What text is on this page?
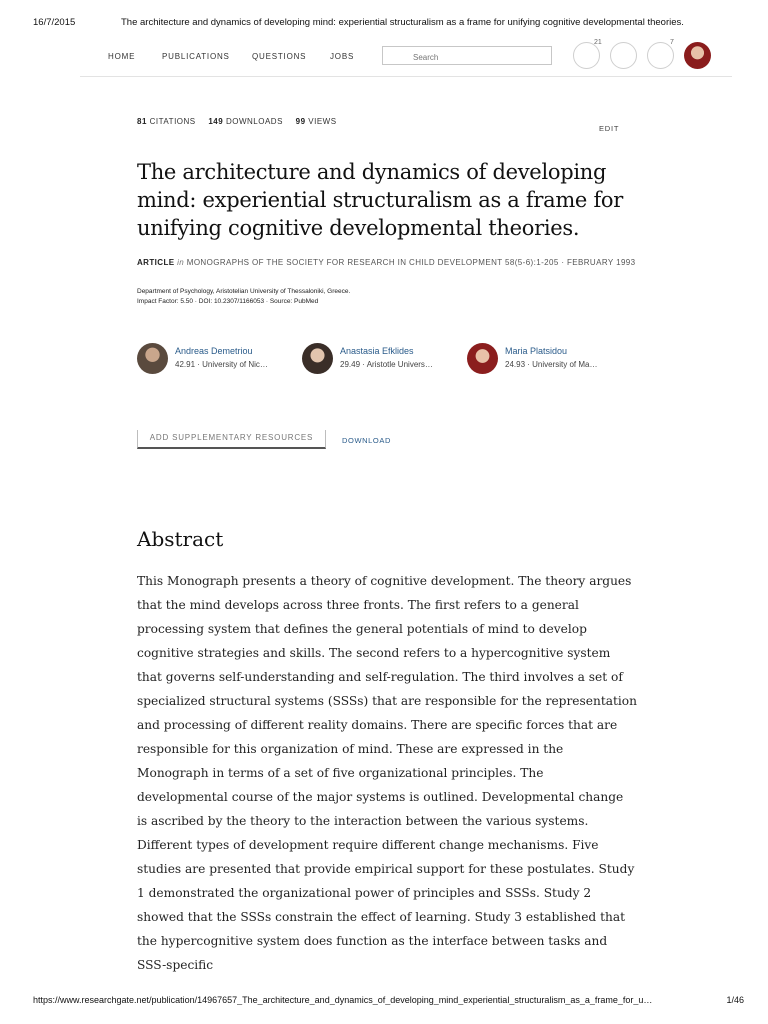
16/7/2015	The architecture and dynamics of developing mind: experiential structuralism as a frame for unifying cognitive developmental theories.
HOME	PUBLICATIONS	QUESTIONS	JOBS
Search
21	7
81 CITATIONS 149 DOWNLOADS 99 VIEWS
EDIT
The architecture and dynamics of developing mind: experiential structuralism as a frame for unifying cognitive developmental theories.
ARTICLE in MONOGRAPHS OF THE SOCIETY FOR RESEARCH IN CHILD DEVELOPMENT 58(5-6):1-205 · FEBRUARY 1993
Department of Psychology, Aristotelian University of Thessaloniki, Greece.
Impact Factor: 5.50 · DOI: 10.2307/1166053 · Source: PubMed
Andreas Demetriou
42.91 · University of Nic…
Anastasia Efklides
29.49 · Aristotle Univers…
Maria Platsidou
24.93 · University of Ma…
ADD SUPPLEMENTARY RESOURCES	DOWNLOAD
Abstract

This Monograph presents a theory of cognitive development. The theory argues that the mind develops across three fronts. The first refers to a general processing system that defines the general potentials of mind to develop cognitive strategies and skills. The second refers to a hypercognitive system that governs self-understanding and self-regulation. The third involves a set of specialized structural systems (SSSs) that are responsible for the representation and processing of different reality domains. There are specific forces that are responsible for this organization of mind. These are expressed in the Monograph in terms of a set of five organizational principles. The developmental course of the major systems is outlined. Developmental change is ascribed by the theory to the interaction between the various systems. Different types of development require different change mechanisms. Five studies are presented that provide empirical support for these postulates. Study 1 demonstrated the organizational power of principles and SSSs. Study 2 showed that the SSSs constrain the effect of learning. Study 3 established that the hypercognitive system does function as the interface between tasks and SSS-specific

https://www.researchgate.net/publication/14967657_The_architecture_and_dynamics_of_developing_mind_experiential_structuralism_as_a_frame_for_u…	1/46
